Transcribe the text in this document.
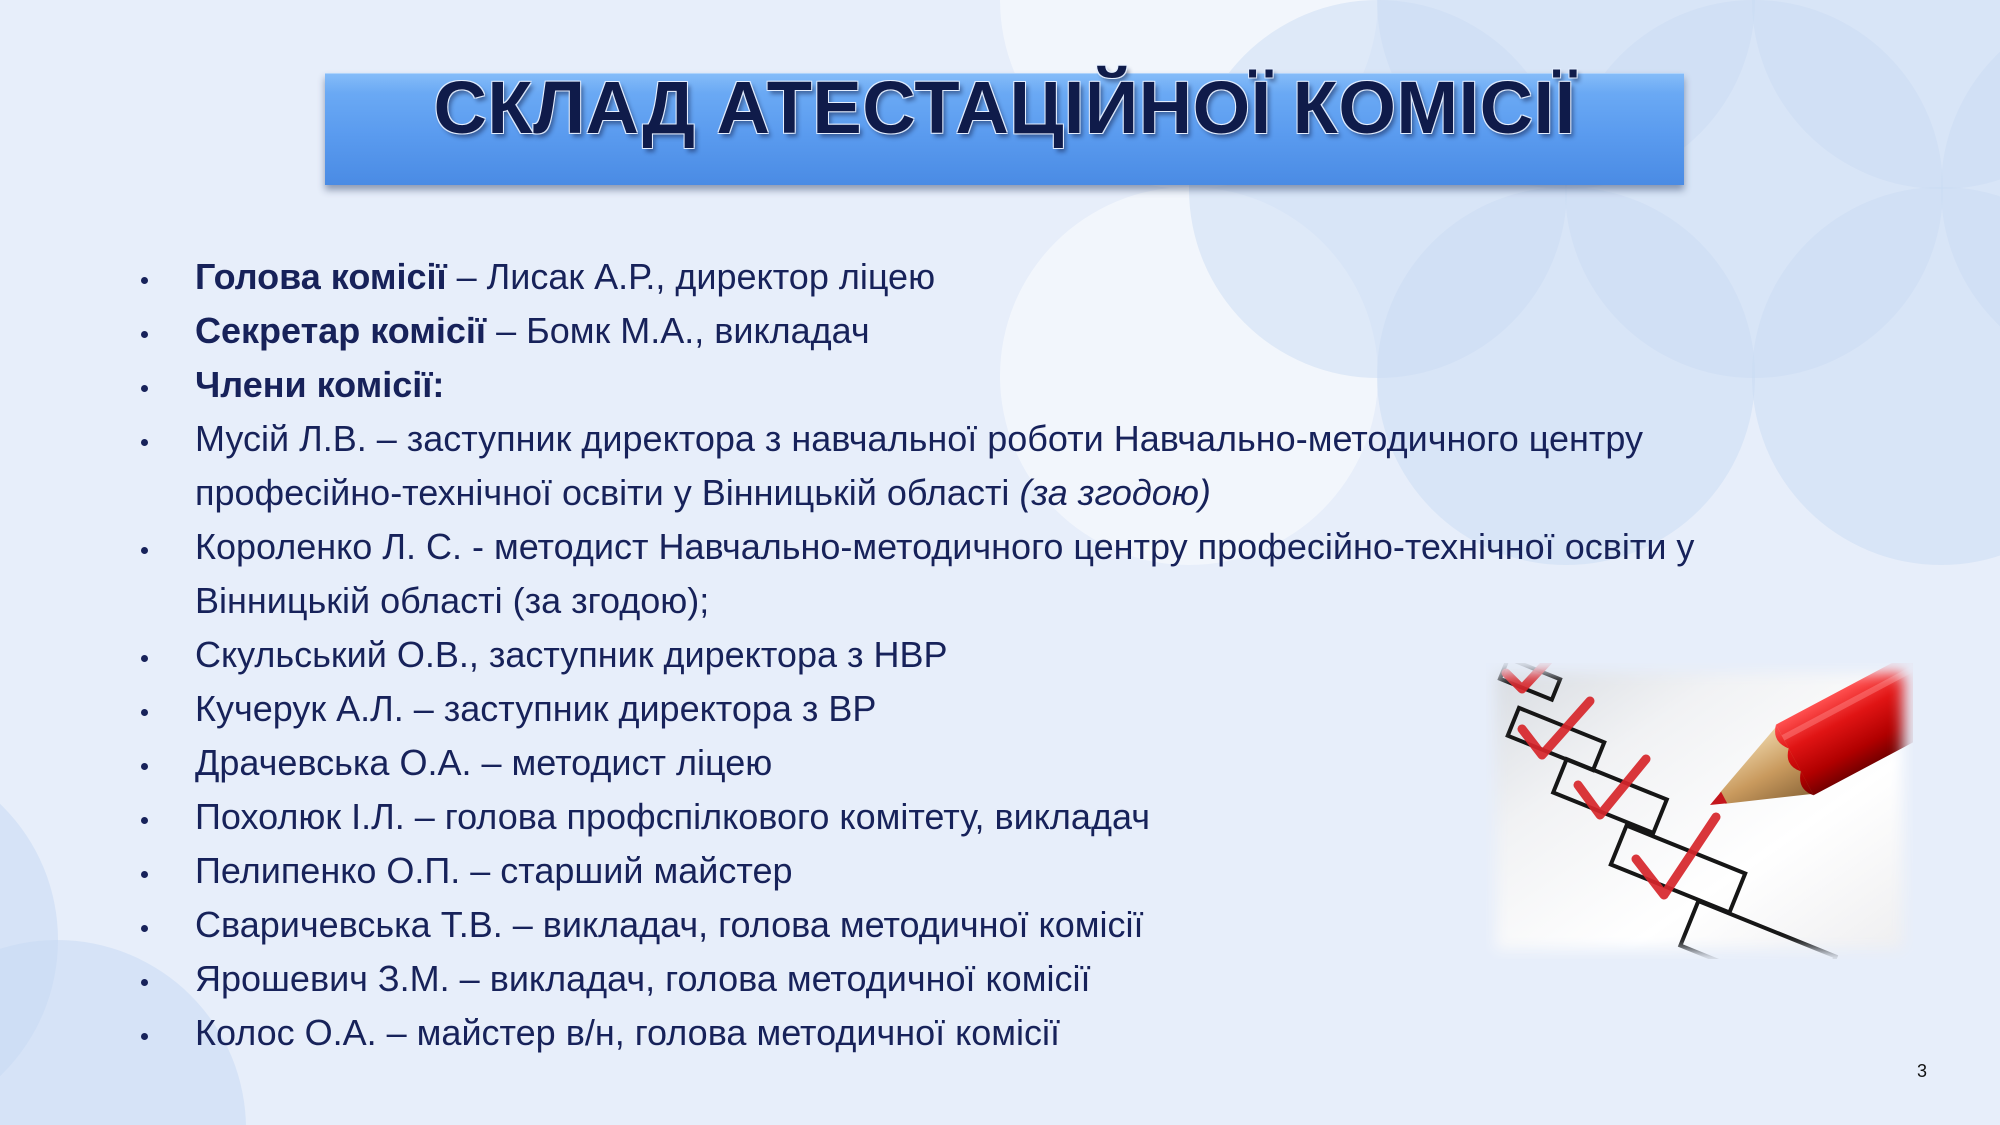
СКЛАД АТЕСТАЦІЙНОЇ КОМІСІЇ
Голова комісії – Лисак А.Р., директор ліцею
Секретар комісії – Бомк М.А., викладач
Члени комісії:
Мусій Л.В. – заступник директора з навчальної роботи Навчально-методичного центру професійно-технічної освіти у Вінницькій області (за згодою)
Короленко Л. С. - методист Навчально-методичного центру професійно-технічної освіти у Вінницькій області (за згодою);
Скульський О.В., заступник директора з НВР
Кучерук А.Л. – заступник директора з ВР
Драчевська О.А. – методист ліцею
Похолюк І.Л. – голова профспілкового комітету, викладач
Пелипенко О.П. – старший майстер
Сваричевська Т.В. – викладач, голова методичної комісії
Ярошевич З.М. – викладач, голова методичної комісії
Колос О.А. – майстер в/н, голова методичної комісії
3
